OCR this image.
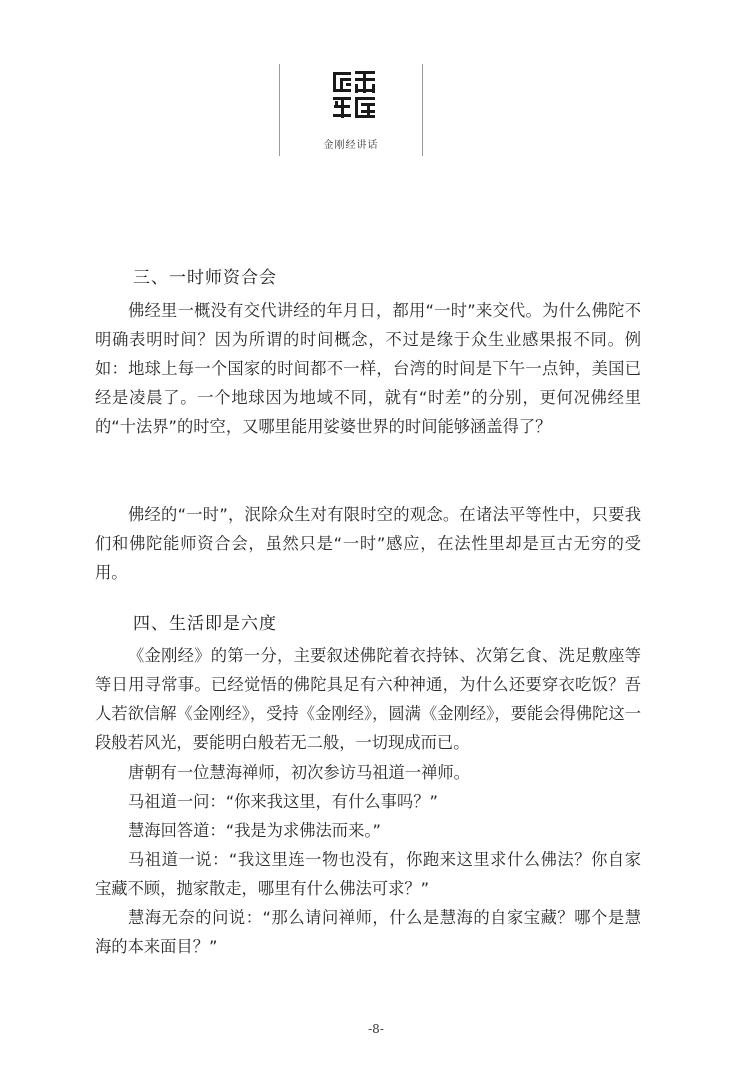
金刚经讲话
三、一时师资合会
佛经里一概没有交代讲经的年月日，都用“一时”来交代。为什么佛陀不明确表明时间？因为所谓的时间概念，不过是缘于众生业感果报不同。例如：地球上每一个国家的时间都不一样，台湾的时间是下午一点钟，美国已经是凌晨了。一个地球因为地域不同，就有“时差”的分别，更何况佛经里的“十法界”的时空，又哪里能用娑婆世界的时间能够涵盖得了？
佛经的“一时”，泯除众生对有限时空的观念。在诸法平等性中，只要我们和佛陀能师资合会，虽然只是“一时”感应，在法性里却是亘古无穷的受用。
四、生活即是六度
《金刚经》的第一分，主要叙述佛陀着衣持钵、次第乞食、洗足敷座等等日用寻常事。已经觉悟的佛陀具足有六种神通，为什么还要穿衣吃饭？吾人若欲信解《金刚经》，受持《金刚经》，圆满《金刚经》，要能会得佛陀这一段般若风光，要能明白般若无二般，一切现成而已。
唐朝有一位慧海禅师，初次参访马祖道一禅师。
马祖道一问：“你来我这里，有什么事吗？”
慧海回答道：“我是为求佛法而来。”
马祖道一说：“我这里连一物也没有，你跑来这里求什么佛法？你自家宝藏不顾，抛家散走，哪里有什么佛法可求？”
慧海无奈的问说：“那么请问禅师，什么是慧海的自家宝藏？哪个是慧海的本来面目？”
-8-
